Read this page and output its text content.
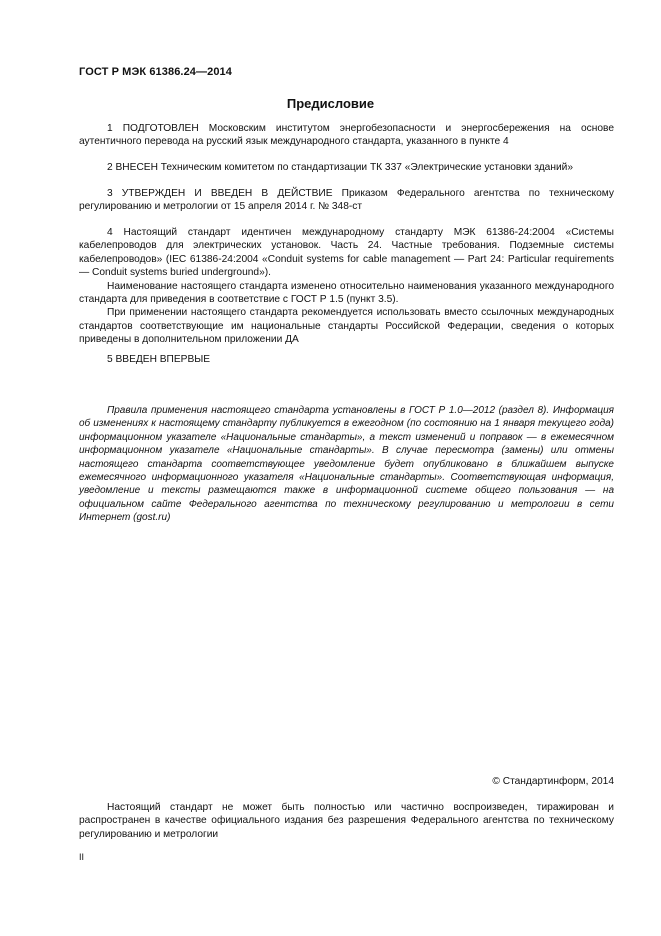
ГОСТ Р МЭК 61386.24—2014
Предисловие

1 ПОДГОТОВЛЕН Московским институтом энергобезопасности и энергосбережения на основе аутентичного перевода на русский язык международного стандарта, указанного в пункте 4

2 ВНЕСЕН Техническим комитетом по стандартизации ТК 337 «Электрические установки зданий»

3 УТВЕРЖДЕН И ВВЕДЕН В ДЕЙСТВИЕ Приказом Федерального агентства по техническому регулированию и метрологии от 15 апреля 2014 г. № 348-ст

4 Настоящий стандарт идентичен международному стандарту МЭК 61386-24:2004 «Системы кабелепроводов для электрических установок. Часть 24. Частные требования. Подземные системы кабелепроводов» (IEC 61386-24:2004 «Conduit systems for cable management — Part 24: Particular requirements — Conduit systems buried underground»).

Наименование настоящего стандарта изменено относительно наименования указанного международного стандарта для приведения в соответствие с ГОСТ Р 1.5 (пункт 3.5).

При применении настоящего стандарта рекомендуется использовать вместо ссылочных международных стандартов соответствующие им национальные стандарты Российской Федерации, сведения о которых приведены в дополнительном приложении ДА

5 ВВЕДЕН ВПЕРВЫЕ

Правила применения настоящего стандарта установлены в ГОСТ Р 1.0—2012 (раздел 8). Информация об изменениях к настоящему стандарту публикуется в ежегодном (по состоянию на 1 января текущего года) информационном указателе «Национальные стандарты», а текст изменений и поправок — в ежемесячном информационном указателе «Национальные стандарты». В случае пересмотра (замены) или отмены настоящего стандарта соответствующее уведомление будет опубликовано в ближайшем выпуске ежемесячного информационного указателя «Национальные стандарты». Соответствующая информация, уведомление и тексты размещаются также в информационной системе общего пользования — на официальном сайте Федерального агентства по техническому регулированию и метрологии в сети Интернет (gost.ru)

© Стандартинформ, 2014

Настоящий стандарт не может быть полностью или частично воспроизведен, тиражирован и распространен в качестве официального издания без разрешения Федерального агентства по техническому регулированию и метрологии

II
